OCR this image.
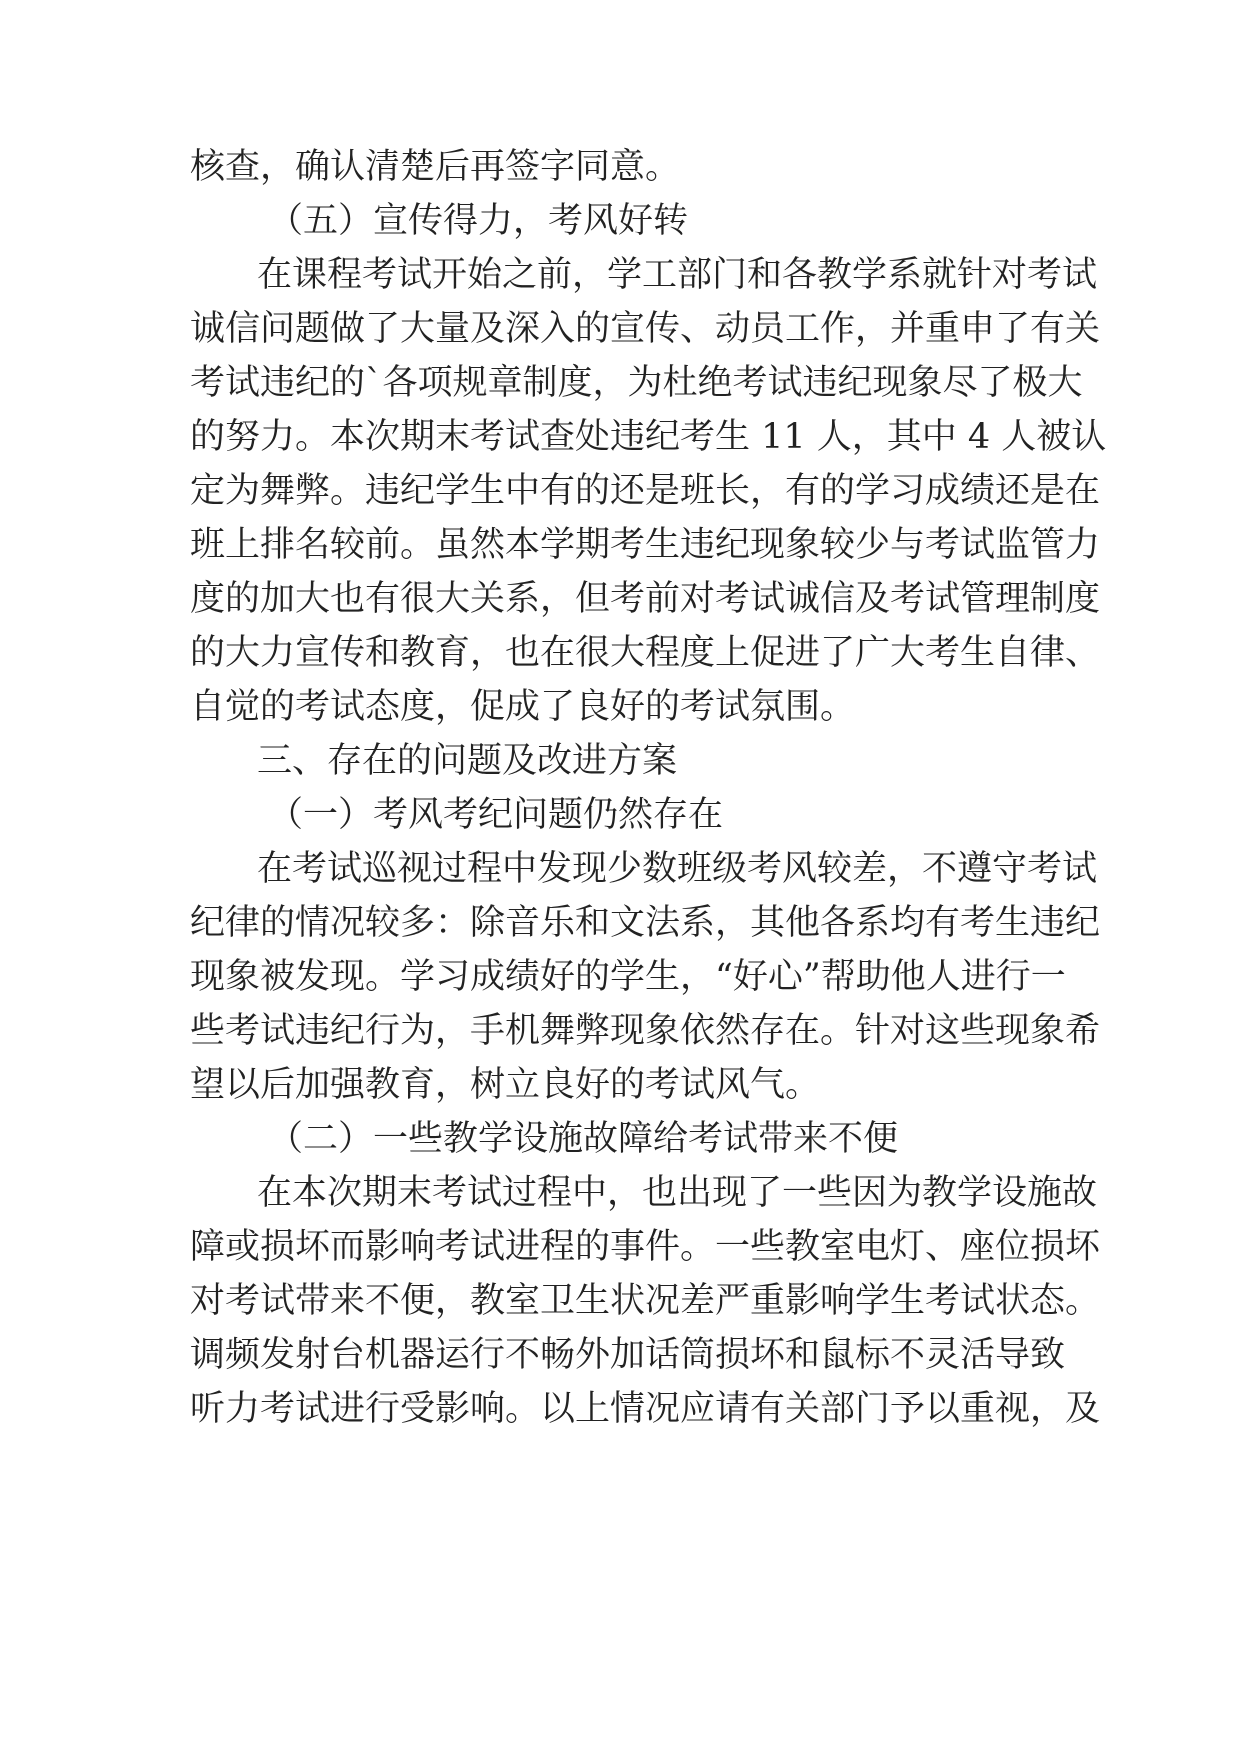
核查，确认清楚后再签字同意。
（五）宣传得力，考风好转
在课程考试开始之前，学工部门和各教学系就针对考试
诚信问题做了大量及深入的宣传、动员工作，并重申了有关
考试违纪的`各项规章制度，为杜绝考试违纪现象尽了极大
的努力。本次期末考试查处违纪考生 11 人，其中 4 人被认
定为舞弊。违纪学生中有的还是班长，有的学习成绩还是在
班上排名较前。虽然本学期考生违纪现象较少与考试监管力
度的加大也有很大关系，但考前对考试诚信及考试管理制度
的大力宣传和教育，也在很大程度上促进了广大考生自律、
自觉的考试态度，促成了良好的考试氛围。
三、存在的问题及改进方案
（一）考风考纪问题仍然存在
在考试巡视过程中发现少数班级考风较差，不遵守考试
纪律的情况较多：除音乐和文法系，其他各系均有考生违纪
现象被发现。学习成绩好的学生，“好心”帮助他人进行一
些考试违纪行为，手机舞弊现象依然存在。针对这些现象希
望以后加强教育，树立良好的考试风气。
（二）一些教学设施故障给考试带来不便
在本次期末考试过程中，也出现了一些因为教学设施故
障或损坏而影响考试进程的事件。一些教室电灯、座位损坏
对考试带来不便，教室卫生状况差严重影响学生考试状态。
调频发射台机器运行不畅外加话筒损坏和鼠标不灵活导致
听力考试进行受影响。以上情况应请有关部门予以重视，及
